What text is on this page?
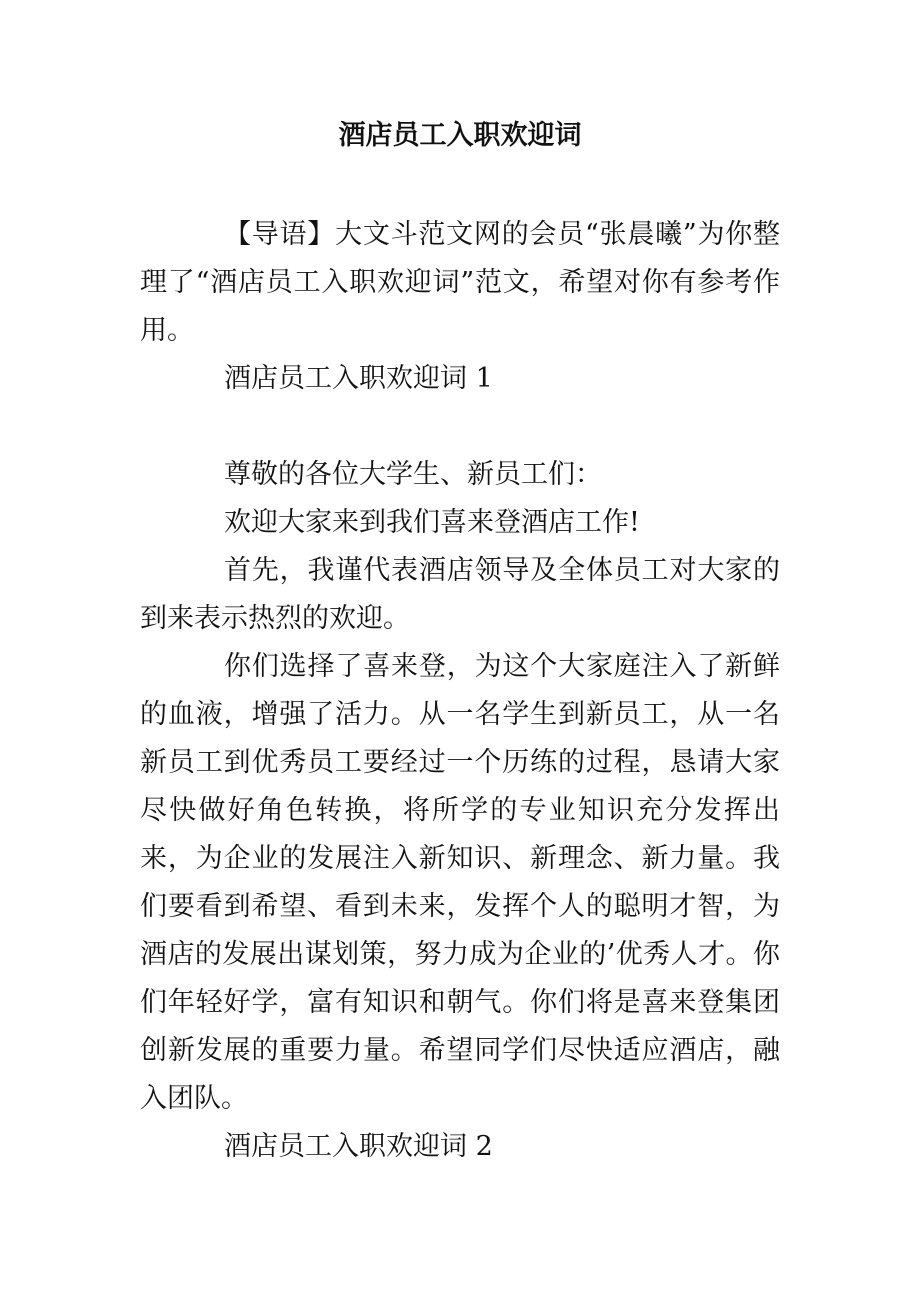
酒店员工入职欢迎词

【导语】大文斗范文网的会员“张晨曦”为你整理了“酒店员工入职欢迎词”范文，希望对你有参考作用。

酒店员工入职欢迎词 1

尊敬的各位大学生、新员工们：

欢迎大家来到我们喜来登酒店工作!

首先，我谨代表酒店领导及全体员工对大家的到来表示热烈的欢迎。

你们选择了喜来登，为这个大家庭注入了新鲜的血液，增强了活力。从一名学生到新员工，从一名新员工到优秀员工要经过一个历练的过程，恳请大家尽快做好角色转换，将所学的专业知识充分发挥出来，为企业的发展注入新知识、新理念、新力量。我们要看到希望、看到未来，发挥个人的聪明才智，为酒店的发展出谋划策，努力成为企业的’优秀人才。你们年轻好学，富有知识和朝气。你们将是喜来登集团创新发展的重要力量。希望同学们尽快适应酒店，融入团队。

酒店员工入职欢迎词 2
